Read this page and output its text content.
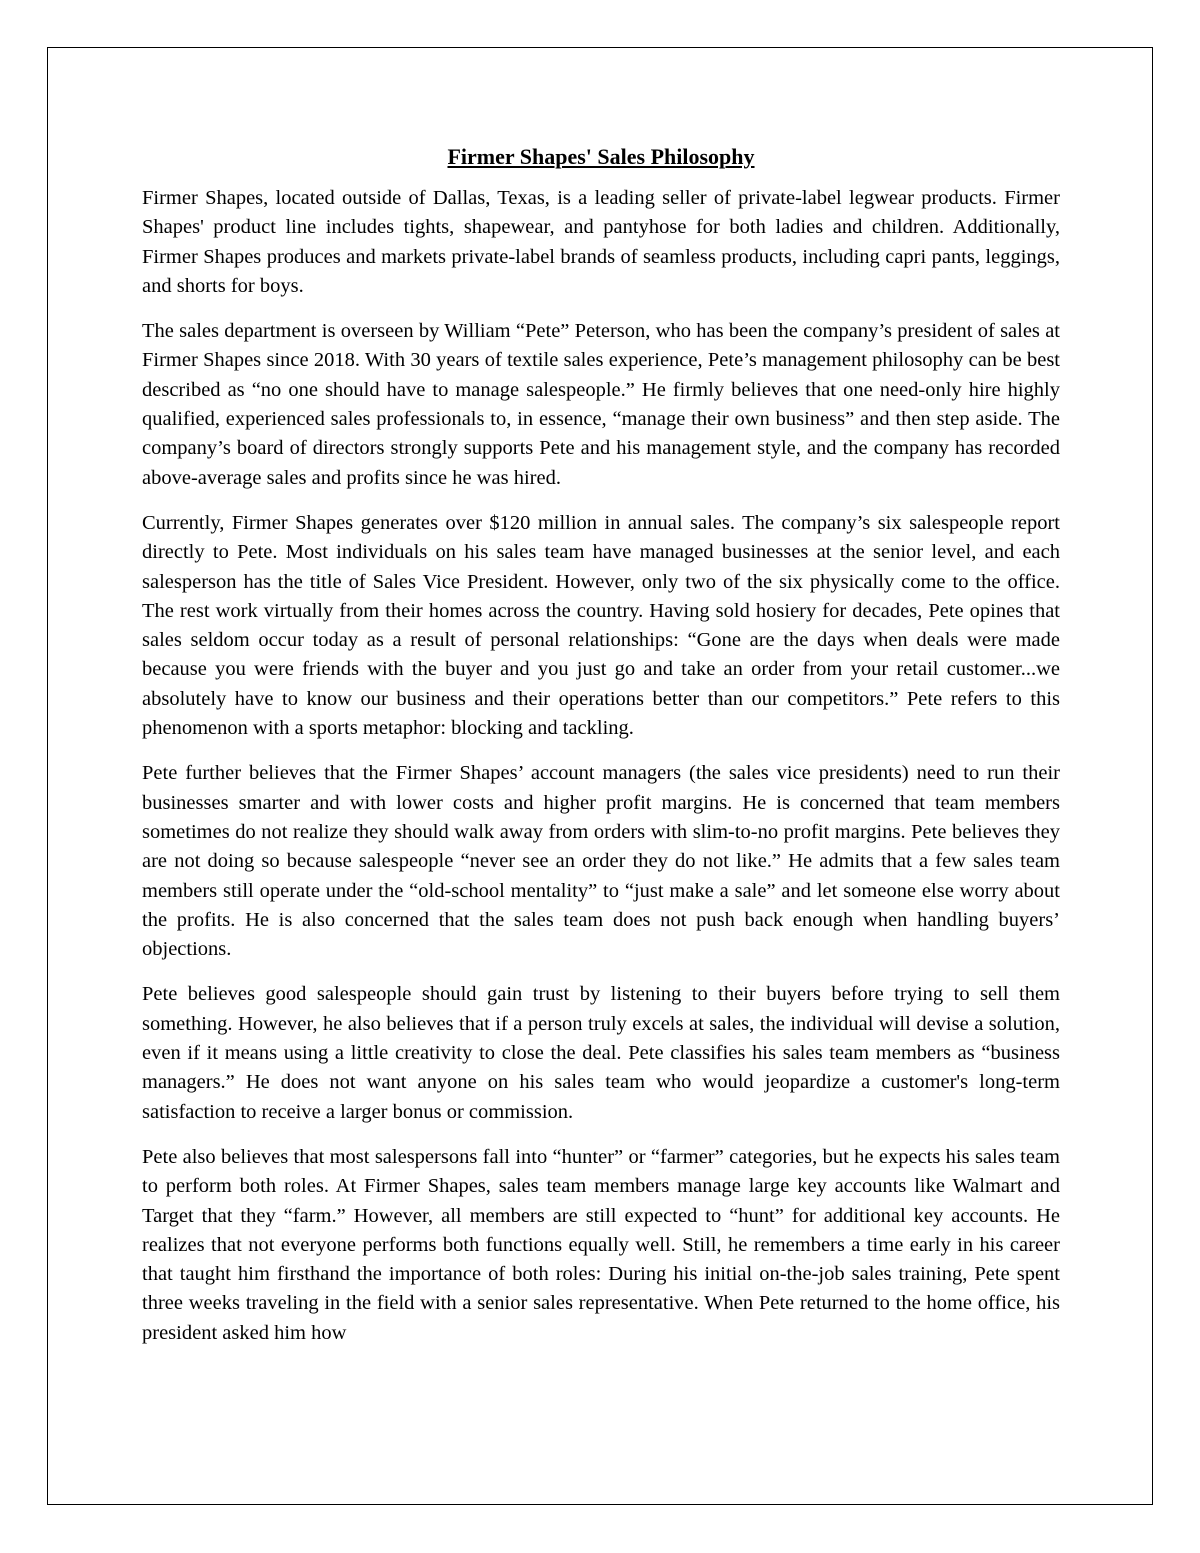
Firmer Shapes' Sales Philosophy

Firmer Shapes, located outside of Dallas, Texas, is a leading seller of private-label legwear products. Firmer Shapes' product line includes tights, shapewear, and pantyhose for both ladies and children. Additionally, Firmer Shapes produces and markets private-label brands of seamless products, including capri pants, leggings, and shorts for boys.

The sales department is overseen by William “Pete” Peterson, who has been the company’s president of sales at Firmer Shapes since 2018. With 30 years of textile sales experience, Pete’s management philosophy can be best described as “no one should have to manage salespeople.” He firmly believes that one need-only hire highly qualified, experienced sales professionals to, in essence, “manage their own business” and then step aside. The company’s board of directors strongly supports Pete and his management style, and the company has recorded above-average sales and profits since he was hired.

Currently, Firmer Shapes generates over $120 million in annual sales. The company’s six salespeople report directly to Pete. Most individuals on his sales team have managed businesses at the senior level, and each salesperson has the title of Sales Vice President. However, only two of the six physically come to the office. The rest work virtually from their homes across the country. Having sold hosiery for decades, Pete opines that sales seldom occur today as a result of personal relationships: “Gone are the days when deals were made because you were friends with the buyer and you just go and take an order from your retail customer...we absolutely have to know our business and their operations better than our competitors.” Pete refers to this phenomenon with a sports metaphor: blocking and tackling.

Pete further believes that the Firmer Shapes’ account managers (the sales vice presidents) need to run their businesses smarter and with lower costs and higher profit margins. He is concerned that team members sometimes do not realize they should walk away from orders with slim-to-no profit margins. Pete believes they are not doing so because salespeople “never see an order they do not like.” He admits that a few sales team members still operate under the “old-school mentality” to “just make a sale” and let someone else worry about the profits. He is also concerned that the sales team does not push back enough when handling buyers’ objections.

Pete believes good salespeople should gain trust by listening to their buyers before trying to sell them something. However, he also believes that if a person truly excels at sales, the individual will devise a solution, even if it means using a little creativity to close the deal. Pete classifies his sales team members as “business managers.” He does not want anyone on his sales team who would jeopardize a customer's long-term satisfaction to receive a larger bonus or commission.

Pete also believes that most salespersons fall into “hunter” or “farmer” categories, but he expects his sales team to perform both roles. At Firmer Shapes, sales team members manage large key accounts like Walmart and Target that they “farm.” However, all members are still expected to “hunt” for additional key accounts. He realizes that not everyone performs both functions equally well. Still, he remembers a time early in his career that taught him firsthand the importance of both roles: During his initial on-the-job sales training, Pete spent three weeks traveling in the field with a senior sales representative. When Pete returned to the home office, his president asked him how
